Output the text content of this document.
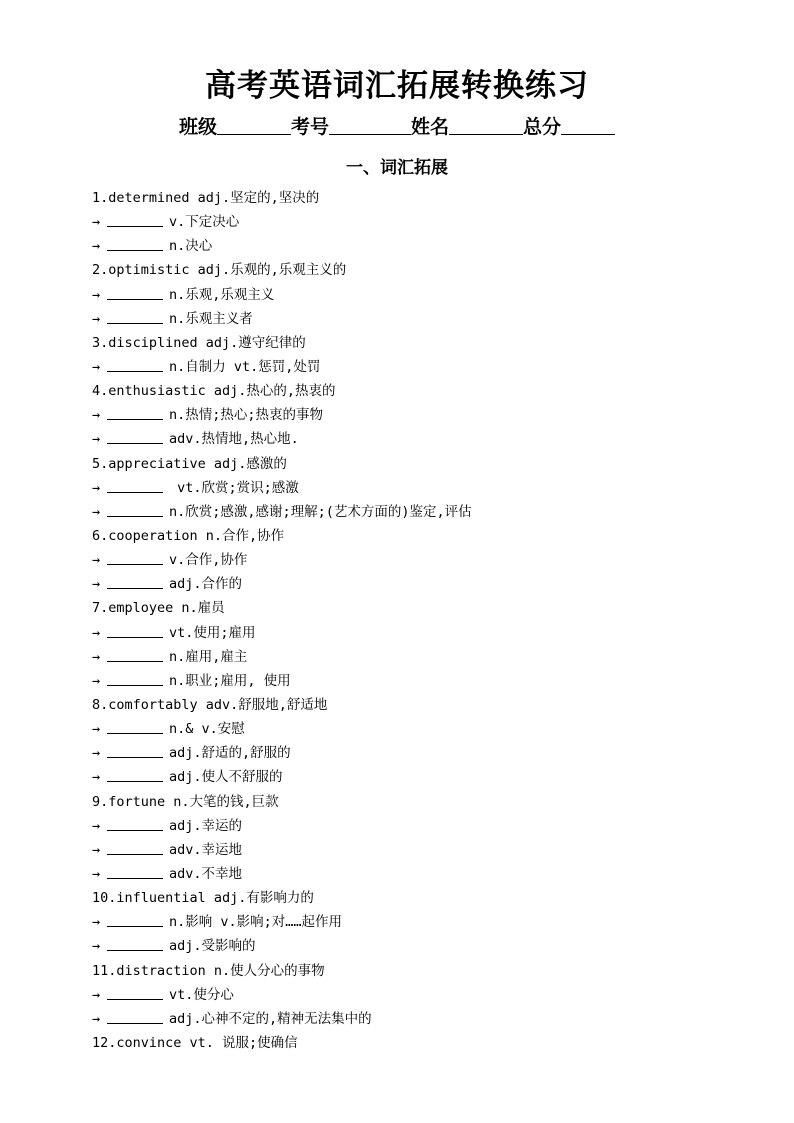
高考英语词汇拓展转换练习
班级	考号	姓名	总分
一、词汇拓展
1.determined adj.坚定的,坚决的
→	v.下定决心
→	n.决心
2.optimistic adj.乐观的,乐观主义的
→	n.乐观,乐观主义
→	n.乐观主义者
3.disciplined adj.遵守纪律的
→	n.自制力 vt.惩罚,处罚
4.enthusiastic adj.热心的,热衷的
→	n.热情;热心;热衷的事物
→	adv.热情地,热心地.
5.appreciative adj.感激的
→	vt.欣赏;赏识;感激
→	n.欣赏;感激,感谢;理解;(艺术方面的)鉴定,评估
6.cooperation n.合作,协作
→	v.合作,协作
→	adj.合作的
7.employee n.雇员
→	vt.使用;雇用
→	n.雇用,雇主
→	n.职业;雇用, 使用
8.comfortably adv.舒服地,舒适地
→	n.& v.安慰
→	adj.舒适的,舒服的
→	adj.使人不舒服的
9.fortune n.大笔的钱,巨款
→	adj.幸运的
→	adv.幸运地
→	adv.不幸地
10.influential adj.有影响力的
→	n.影响 v.影响;对……起作用
→	adj.受影响的
11.distraction n.使人分心的事物
→	vt.使分心
→	adj.心神不定的,精神无法集中的
12.convince vt. 说服;使确信
